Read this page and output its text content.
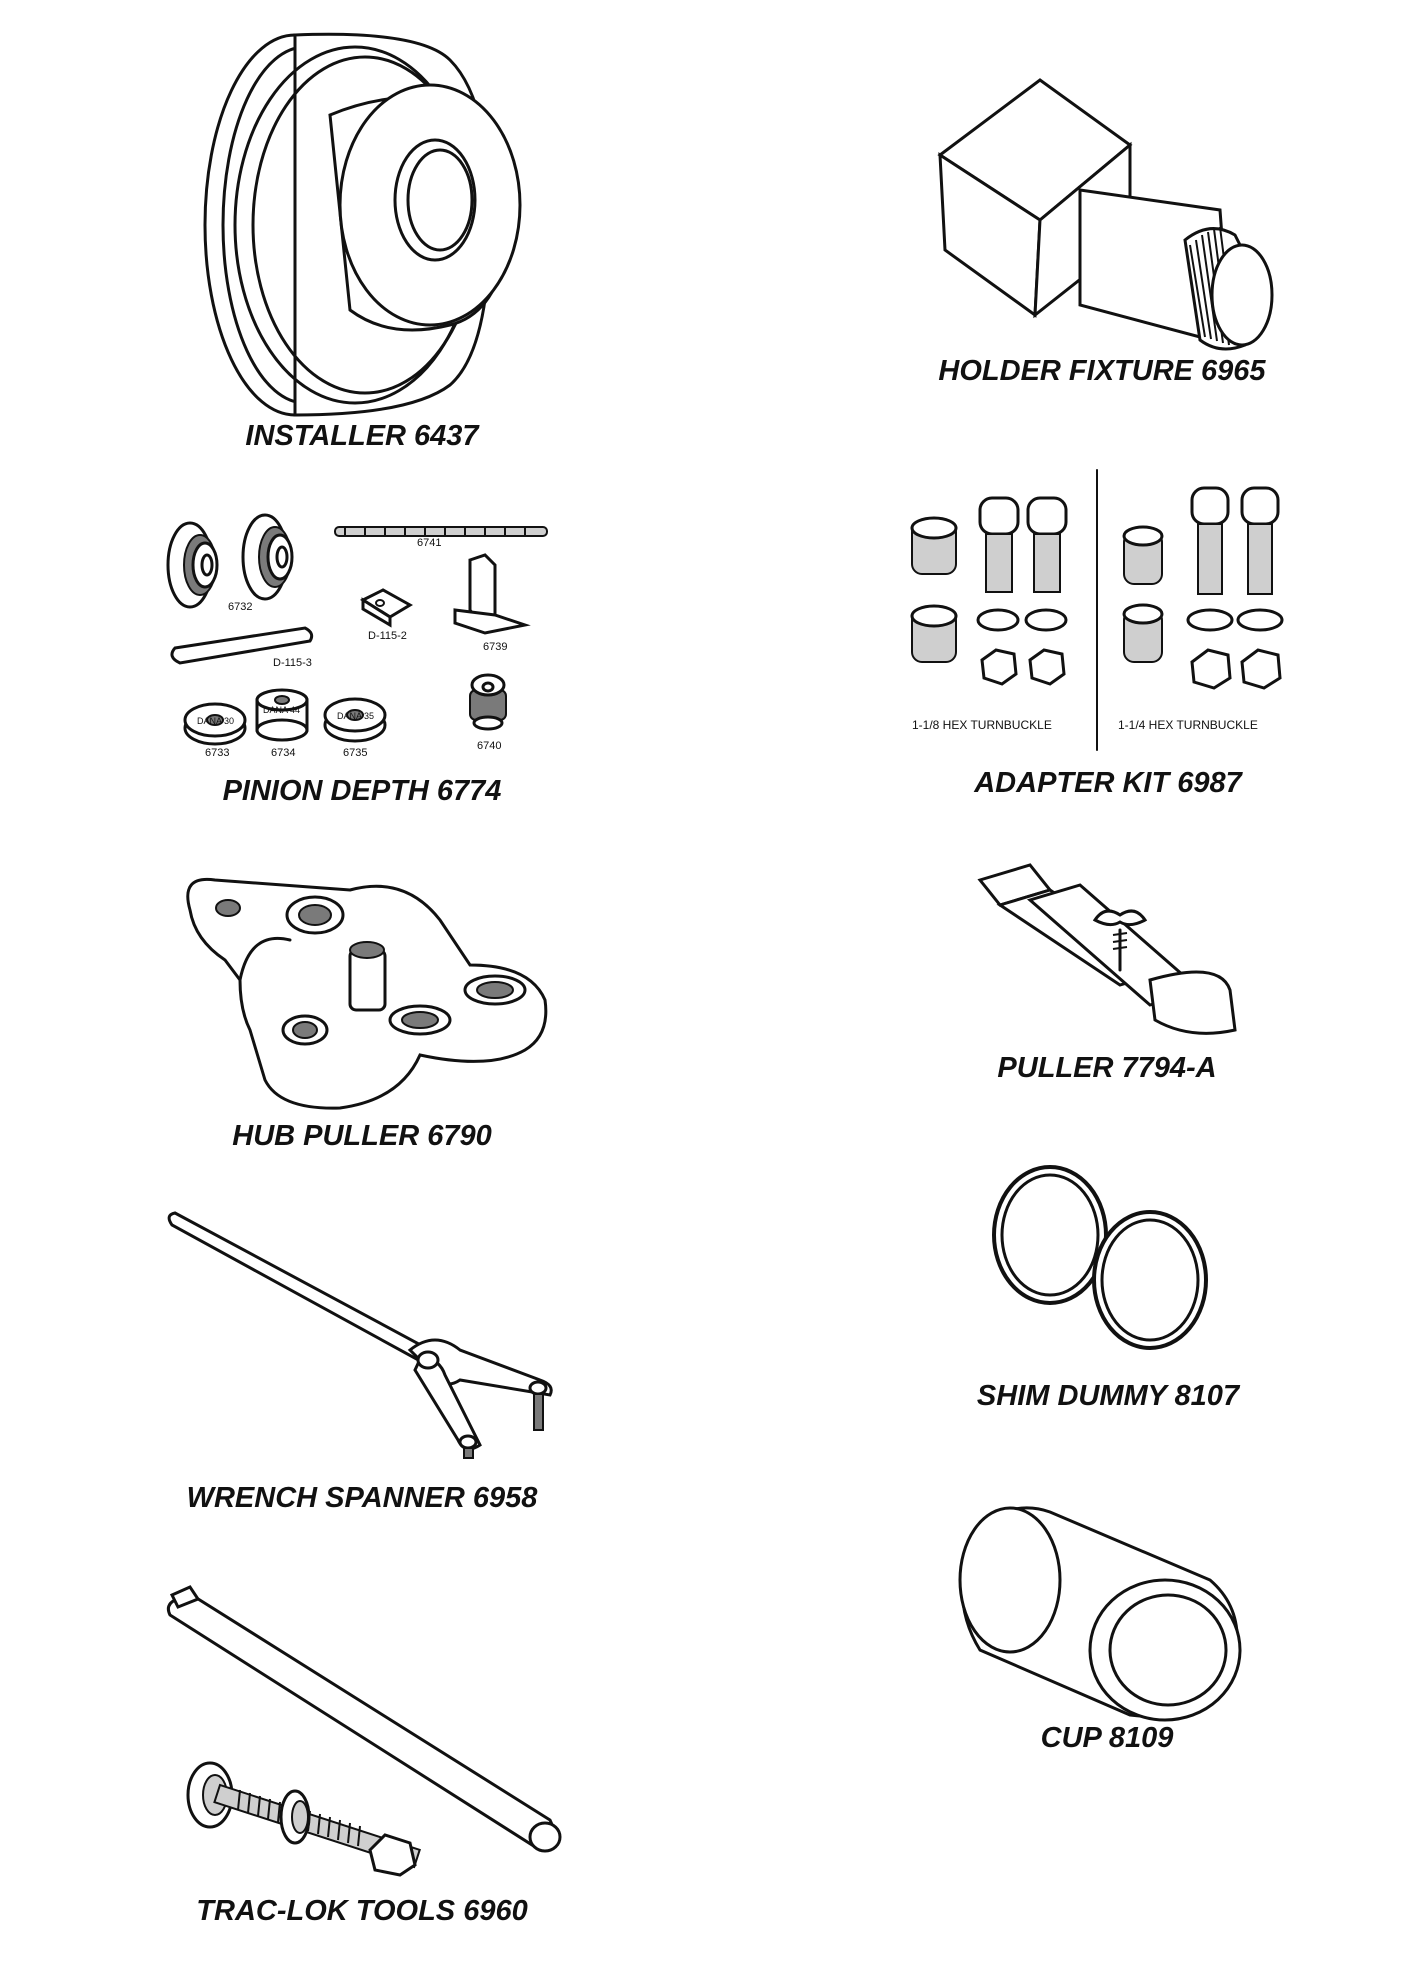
INSTALLER 6437
HOLDER FIXTURE 6965
6741
6732
D-115-3
D-115-2
6739
6733	6734	6735
6740
DANA 30
DANA 44
DANA 35
PINION DEPTH 6774
1-1/8 HEX TURNBUCKLE	1-1/4 HEX TURNBUCKLE
ADAPTER KIT 6987
HUB PULLER 6790
PULLER 7794-A
SHIM DUMMY 8107
WRENCH SPANNER 6958
CUP 8109
TRAC-LOK TOOLS 6960
